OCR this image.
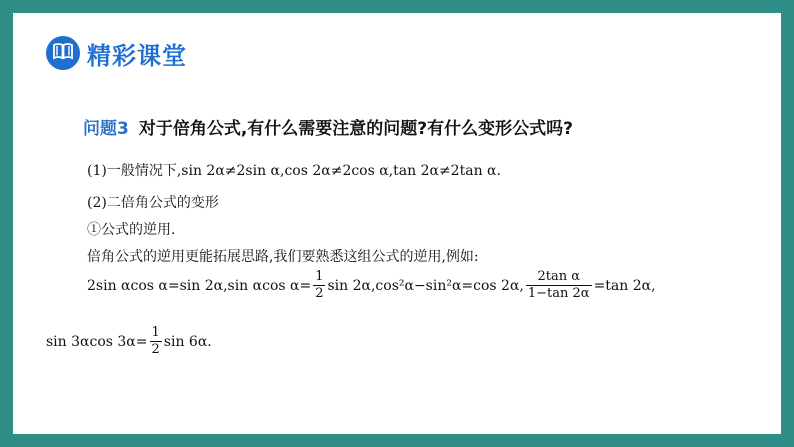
精彩课堂
问题3 对于倍角公式,有什么需要注意的问题?有什么变形公式吗?
(1)一般情况下,sin 2α≠2sin α,cos 2α≠2cos α,tan 2α≠2tan α.
(2)二倍角公式的变形
①公式的逆用.
倍角公式的逆用更能拓展思路,我们要熟悉这组公式的逆用,例如:
2sin αcos α=sin 2α,sin αcos $\alpha= \frac{1}{2}$ sin 2α,cos²α−sin²α=cos 2α, $\frac{\text{2tan α}}{1-\tan 2\alpha} =\tan$ 2α,
sin 3αcos $3\alpha= \frac{1}{2}$ sin 6α.
